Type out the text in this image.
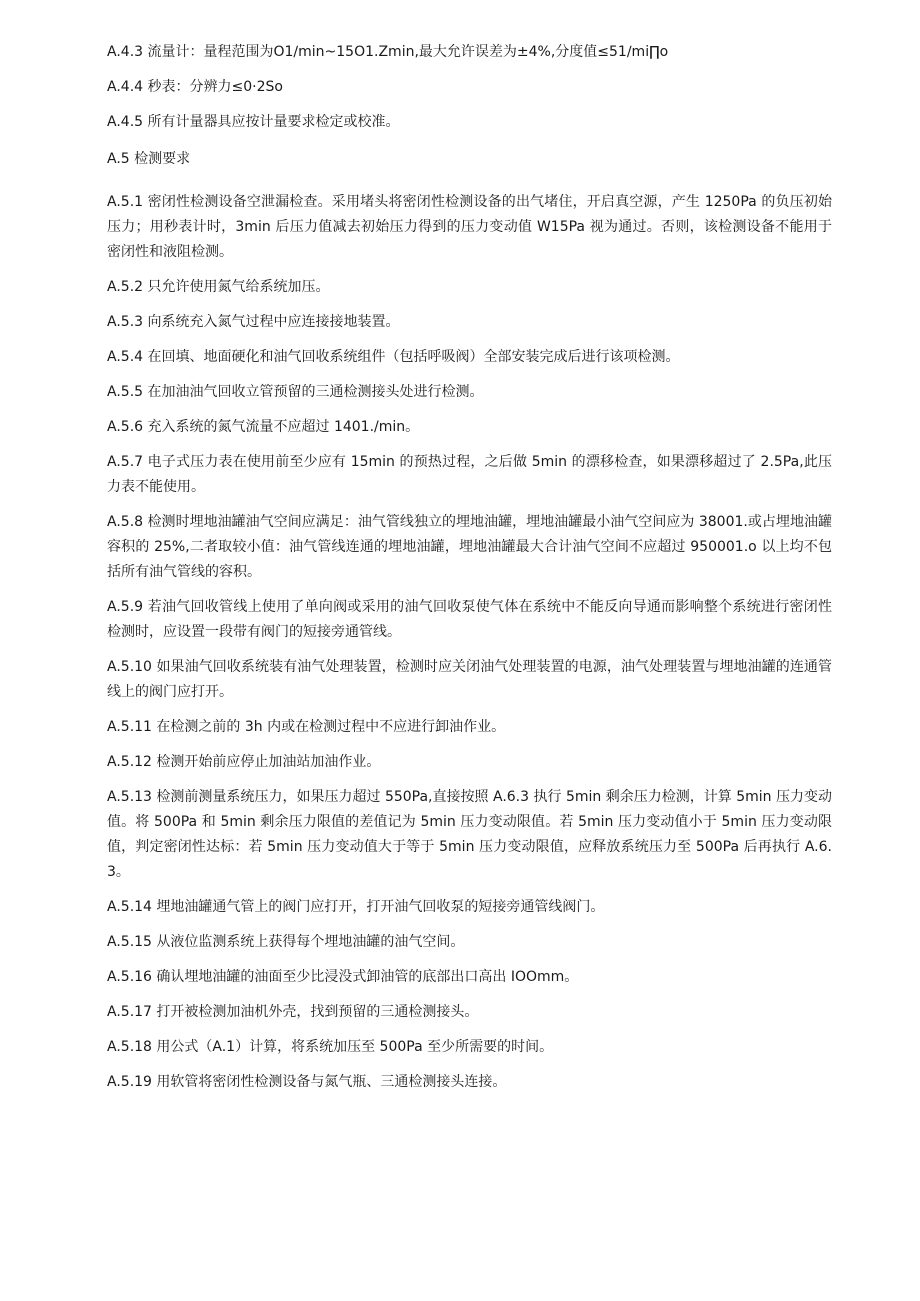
A.4.3 流量计：量程范围为O1∕min~15O1.Zmin,最大允许误差为±4%,分度值≤51∕mi∏o

A.4.4 秒表：分辨力≤0·2So

A.4.5 所有计量器具应按计量要求检定或校准。

A.5 检测要求

A.5.1 密闭性检测设备空泄漏检查。采用堵头将密闭性检测设备的出气堵住，开启真空源，产生 1250Pa 的负压初始压力；用秒表计时，3min 后压力值减去初始压力得到的压力变动值 W15Pa 视为通过。否则，该检测设备不能用于密闭性和液阻检测。

A.5.2 只允许使用氮气给系统加压。

A.5.3 向系统充入氮气过程中应连接接地装置。

A.5.4 在回填、地面硬化和油气回收系统组件（包括呼吸阀）全部安装完成后进行该项检测。

A.5.5 在加油油气回收立管预留的三通检测接头处进行检测。

A.5.6 充入系统的氮气流量不应超过 1401./min。

A.5.7 电子式压力表在使用前至少应有 15min 的预热过程，之后做 5min 的漂移检查，如果漂移超过了 2.5Pa,此压力表不能使用。

A.5.8 检测时埋地油罐油气空间应满足：油气管线独立的埋地油罐，埋地油罐最小油气空间应为 38001.或占埋地油罐容积的 25%,二者取较小值：油气管线连通的埋地油罐，埋地油罐最大合计油气空间不应超过 950001.o 以上均不包括所有油气管线的容积。

A.5.9 若油气回收管线上使用了单向阀或采用的油气回收泵使气体在系统中不能反向导通而影响整个系统进行密闭性检测时，应设置一段带有阀门的短接旁通管线。

A.5.10 如果油气回收系统装有油气处理装置，检测时应关闭油气处理装置的电源，油气处理装置与埋地油罐的连通管线上的阀门应打开。

A.5.11 在检测之前的 3h 内或在检测过程中不应进行卸油作业。

A.5.12 检测开始前应停止加油站加油作业。

A.5.13 检测前测量系统压力，如果压力超过 550Pa,直接按照 A.6.3 执行 5min 剩余压力检测，计算 5min 压力变动值。将 500Pa 和 5min 剩余压力限值的差值记为 5min 压力变动限值。若 5min 压力变动值小于 5min 压力变动限值，判定密闭性达标：若 5min 压力变动值大于等于 5min 压力变动限值，应释放系统压力至 500Pa 后再执行 A.6.3。

A.5.14 埋地油罐通气管上的阀门应打开，打开油气回收泵的短接旁通管线阀门。

A.5.15 从液位监测系统上获得每个埋地油罐的油气空间。

A.5.16 确认埋地油罐的油面至少比浸没式卸油管的底部出口高出 IOOmm。

A.5.17 打开被检测加油机外壳，找到预留的三通检测接头。

A.5.18 用公式（A.1）计算，将系统加压至 500Pa 至少所需要的时间。

A.5.19 用软管将密闭性检测设备与氮气瓶、三通检测接头连接。
